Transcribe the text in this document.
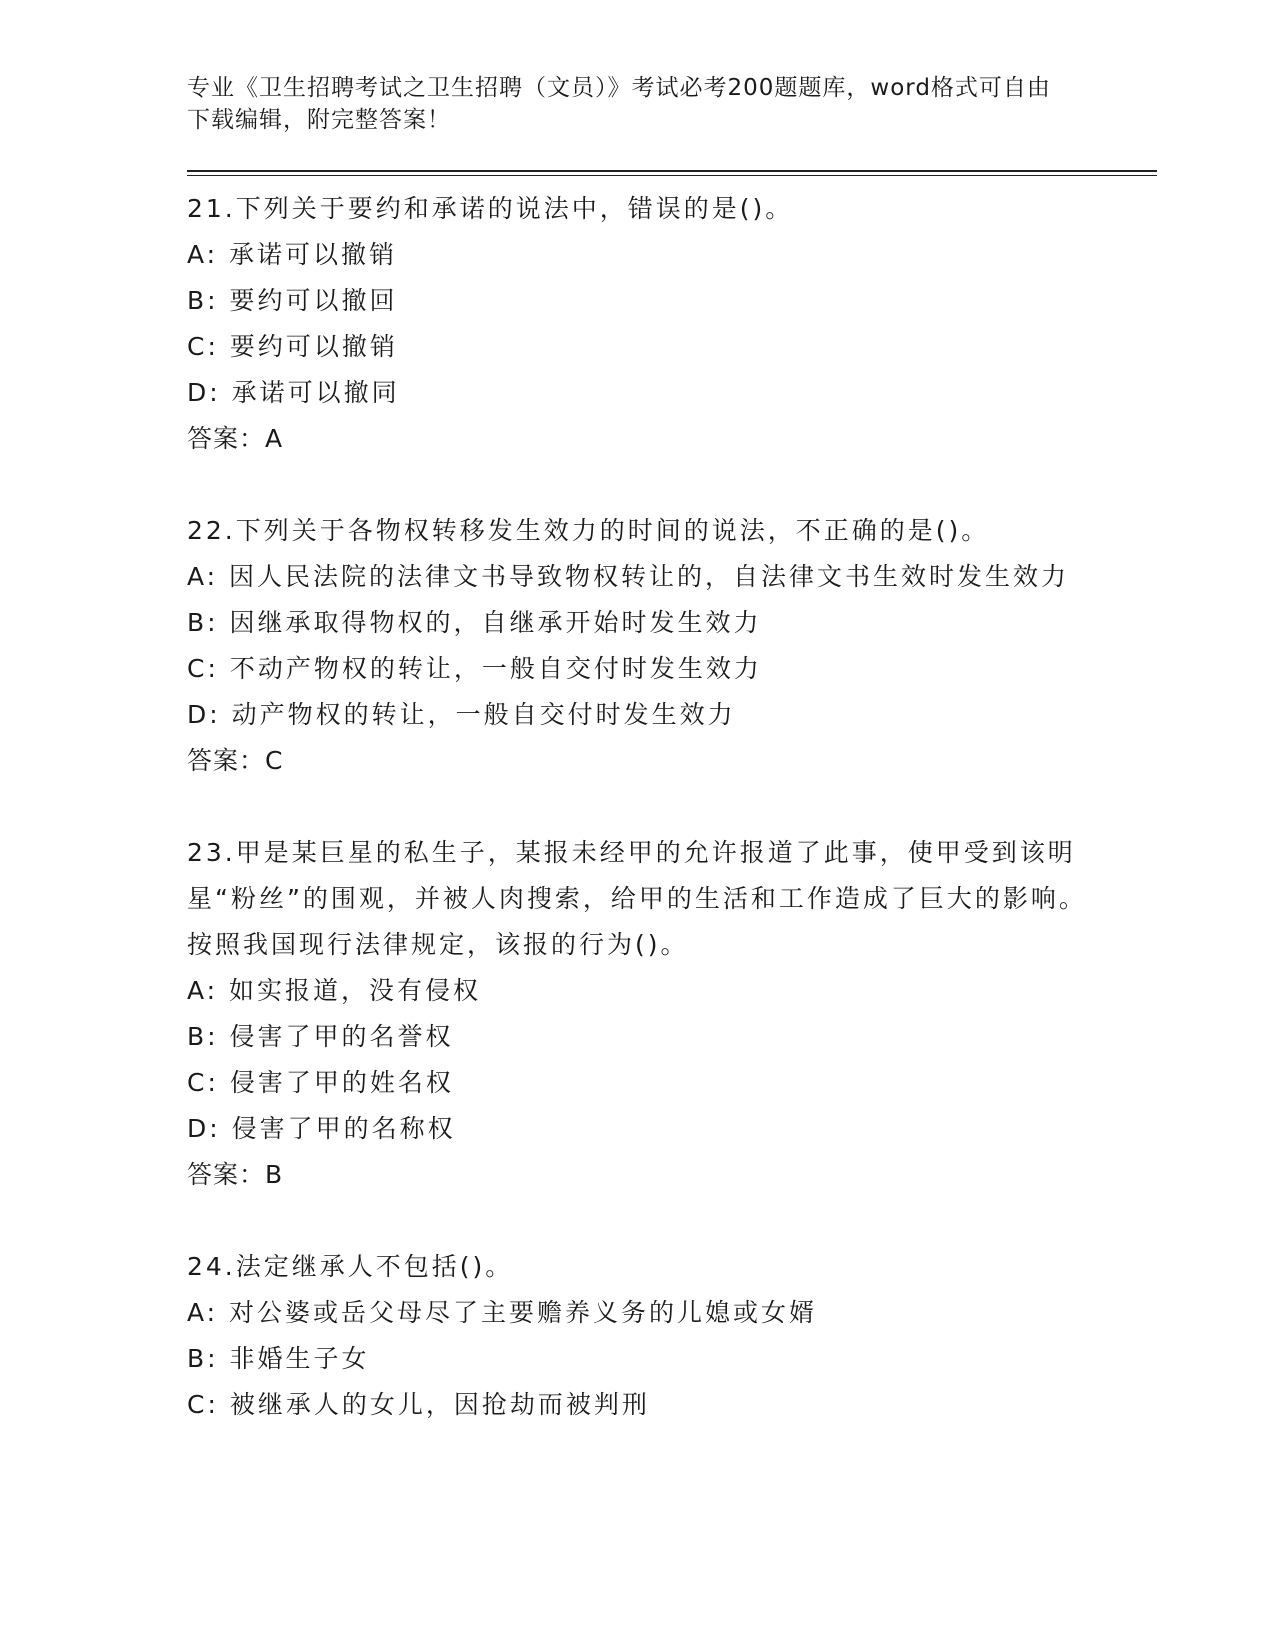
专业《卫生招聘考试之卫生招聘（文员）》考试必考200题题库，word格式可自由下载编辑，附完整答案！

21.下列关于要约和承诺的说法中，错误的是()。
A: 承诺可以撤销
B: 要约可以撤回
C: 要约可以撤销
D: 承诺可以撤同
答案：A
22.下列关于各物权转移发生效力的时间的说法，不正确的是()。
A: 因人民法院的法律文书导致物权转让的，自法律文书生效时发生效力
B: 因继承取得物权的，自继承开始时发生效力
C: 不动产物权的转让，一般自交付时发生效力
D: 动产物权的转让，一般自交付时发生效力
答案：C
23.甲是某巨星的私生子，某报未经甲的允许报道了此事，使甲受到该明星“粉丝”的围观，并被人肉搜索，给甲的生活和工作造成了巨大的影响。按照我国现行法律规定，该报的行为()。
A: 如实报道，没有侵权
B: 侵害了甲的名誉权
C: 侵害了甲的姓名权
D: 侵害了甲的名称权
答案：B
24.法定继承人不包括()。
A: 对公婆或岳父母尽了主要赡养义务的儿媳或女婿
B: 非婚生子女
C: 被继承人的女儿，因抢劫而被判刑
